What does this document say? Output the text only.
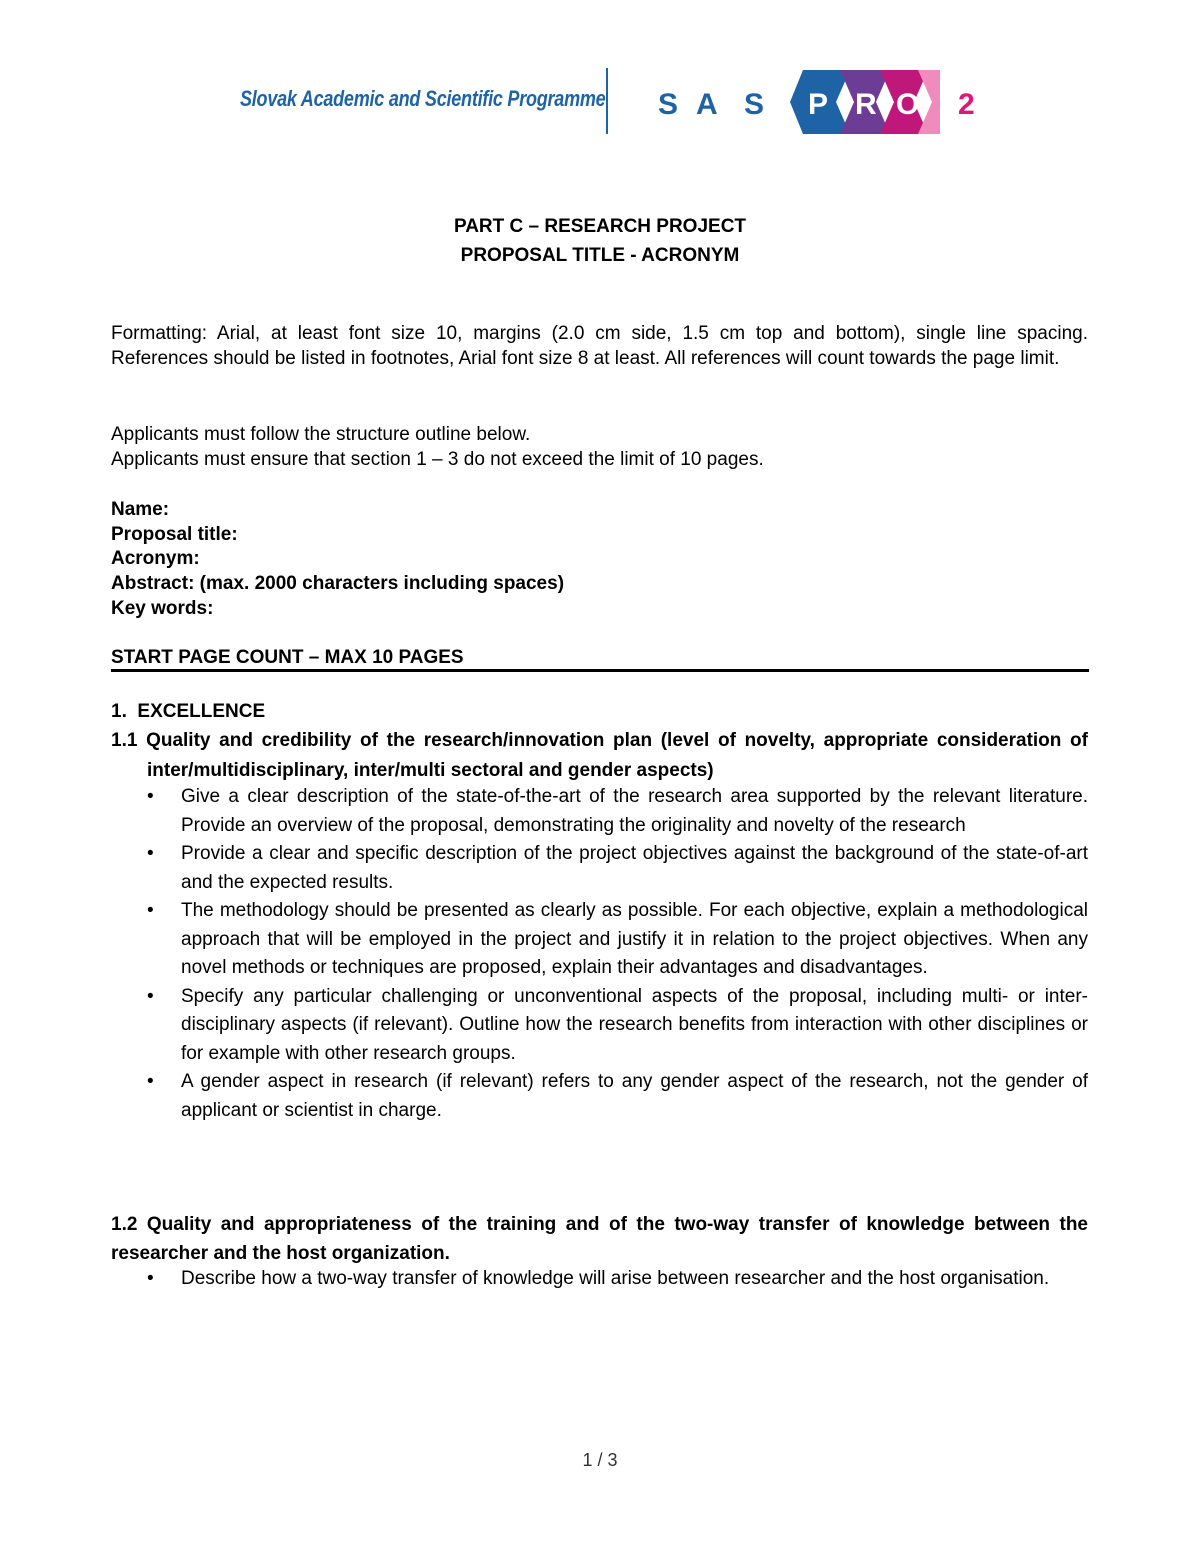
Slovak Academic and Scientific Programme S A S P R O 2
PART C – RESEARCH PROJECT
PROPOSAL TITLE - ACRONYM
Formatting: Arial, at least font size 10, margins (2.0 cm side, 1.5 cm top and bottom), single line spacing. References should be listed in footnotes, Arial font size 8 at least. All references will count towards the page limit.
Applicants must follow the structure outline below.
Applicants must ensure that section 1 – 3 do not exceed the limit of 10 pages.
Name:
Proposal title:
Acronym:
Abstract: (max. 2000 characters including spaces)
Key words:
START PAGE COUNT – MAX 10 PAGES
1.  EXCELLENCE
1.1 Quality and credibility of the research/innovation plan (level of novelty, appropriate consideration of inter/multidisciplinary, inter/multi sectoral and gender aspects)
• Give a clear description of the state-of-the-art of the research area supported by the relevant literature. Provide an overview of the proposal, demonstrating the originality and novelty of the research
• Provide a clear and specific description of the project objectives against the background of the state-of-art and the expected results.
• The methodology should be presented as clearly as possible. For each objective, explain a methodological approach that will be employed in the project and justify it in relation to the project objectives. When any novel methods or techniques are proposed, explain their advantages and disadvantages.
• Specify any particular challenging or unconventional aspects of the proposal, including multi- or inter-disciplinary aspects (if relevant). Outline how the research benefits from interaction with other disciplines or for example with other research groups.
• A gender aspect in research (if relevant) refers to any gender aspect of the research, not the gender of applicant or scientist in charge.
1.2 Quality and appropriateness of the training and of the two-way transfer of knowledge between the researcher and the host organization.
• Describe how a two-way transfer of knowledge will arise between researcher and the host organisation.
1 / 3
